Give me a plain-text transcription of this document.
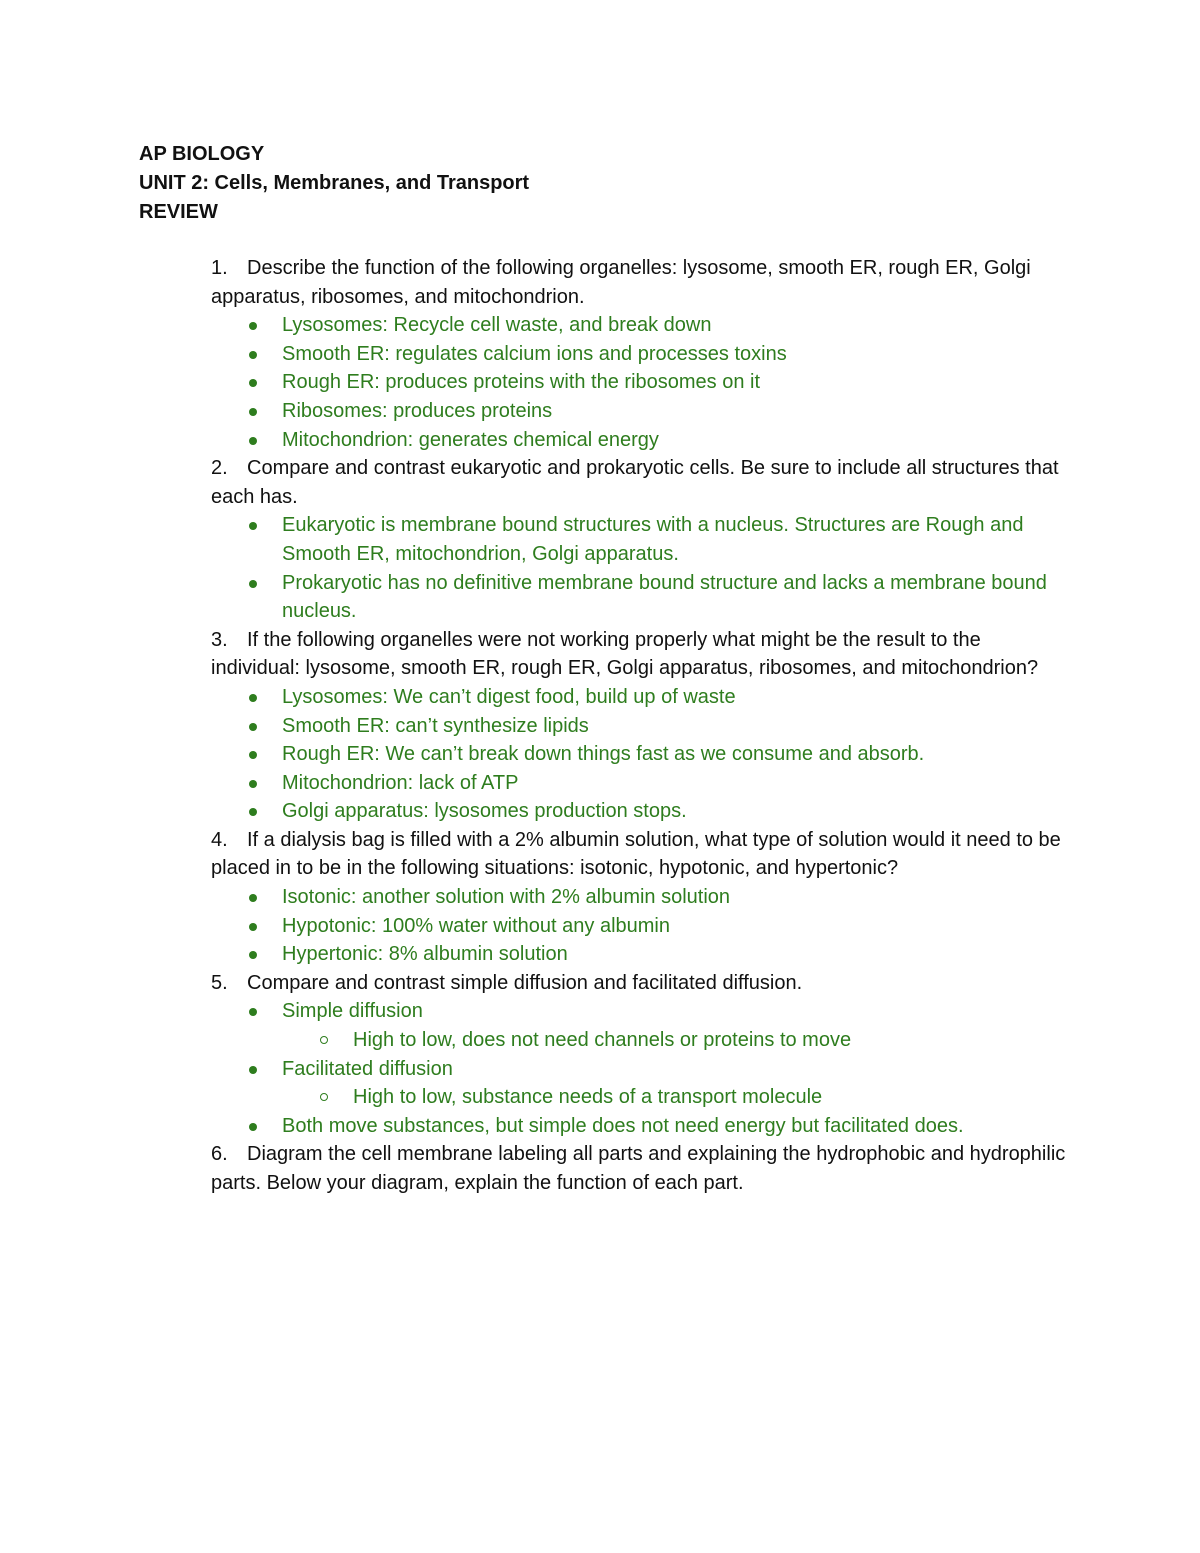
AP BIOLOGY
UNIT 2: Cells, Membranes, and Transport
REVIEW
1. Describe the function of the following organelles: lysosome, smooth ER, rough ER, Golgi apparatus, ribosomes, and mitochondrion.
Lysosomes: Recycle cell waste, and break down
Smooth ER: regulates calcium ions and processes toxins
Rough ER: produces proteins with the ribosomes on it
Ribosomes: produces proteins
Mitochondrion: generates chemical energy
2. Compare and contrast eukaryotic and prokaryotic cells. Be sure to include all structures that each has.
Eukaryotic is membrane bound structures with a nucleus. Structures are Rough and Smooth ER, mitochondrion, Golgi apparatus.
Prokaryotic has no definitive membrane bound structure and lacks a membrane bound nucleus.
3. If the following organelles were not working properly what might be the result to the individual: lysosome, smooth ER, rough ER, Golgi apparatus, ribosomes, and mitochondrion?
Lysosomes: We can’t digest food, build up of waste
Smooth ER: can’t synthesize lipids
Rough ER: We can’t break down things fast as we consume and absorb.
Mitochondrion: lack of ATP
Golgi apparatus: lysosomes production stops.
4. If a dialysis bag is filled with a 2% albumin solution, what type of solution would it need to be placed in to be in the following situations: isotonic, hypotonic, and hypertonic?
Isotonic: another solution with 2% albumin solution
Hypotonic: 100% water without any albumin
Hypertonic: 8% albumin solution
5. Compare and contrast simple diffusion and facilitated diffusion.
Simple diffusion
High to low, does not need channels or proteins to move
Facilitated diffusion
High to low, substance needs of a transport molecule
Both move substances, but simple does not need energy but facilitated does.
6. Diagram the cell membrane labeling all parts and explaining the hydrophobic and hydrophilic parts. Below your diagram, explain the function of each part.
